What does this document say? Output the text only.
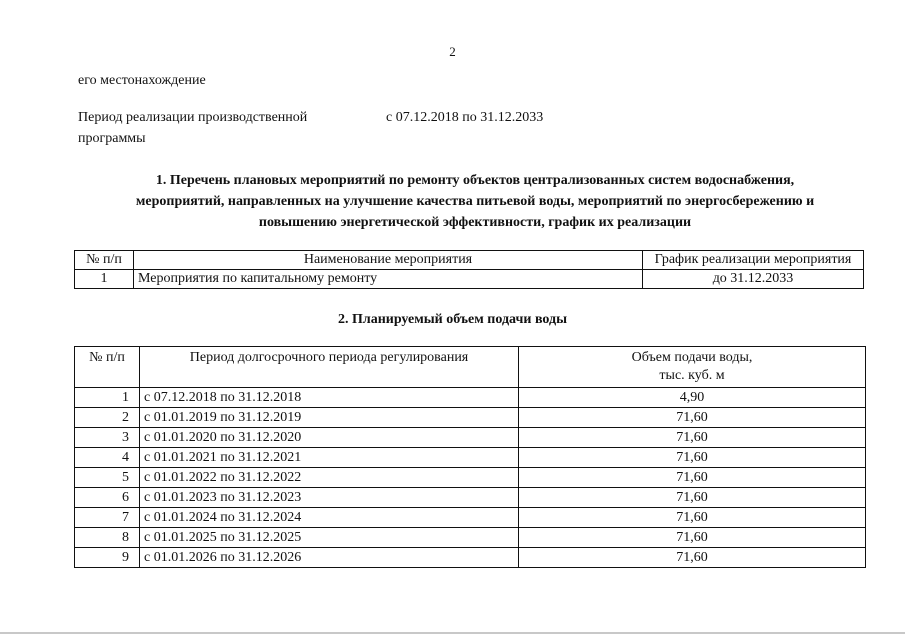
2
его местонахождение
Период реализации производственной
программы
с 07.12.2018 по 31.12.2033
1. Перечень плановых мероприятий по ремонту объектов централизованных систем водоснабжения,
мероприятий, направленных на улучшение качества питьевой воды, мероприятий по энергосбережению и
повышению энергетической эффективности, график их реализации
№ п/п	Наименование мероприятия	График реализации мероприятия
1	Мероприятия по капитальному ремонту	до 31.12.2033
2. Планируемый объем подачи воды
№ п/п	Период долгосрочного периода регулирования	Объем подачи воды,
тыс. куб. м

1	с 07.12.2018 по 31.12.2018	4,90
2	с 01.01.2019 по 31.12.2019	71,60
3	с 01.01.2020 по 31.12.2020	71,60
4	с 01.01.2021 по 31.12.2021	71,60
5	с 01.01.2022 по 31.12.2022	71,60
6	с 01.01.2023 по 31.12.2023	71,60
7	с 01.01.2024 по 31.12.2024	71,60
8	с 01.01.2025 по 31.12.2025	71,60
9	с 01.01.2026 по 31.12.2026	71,60
